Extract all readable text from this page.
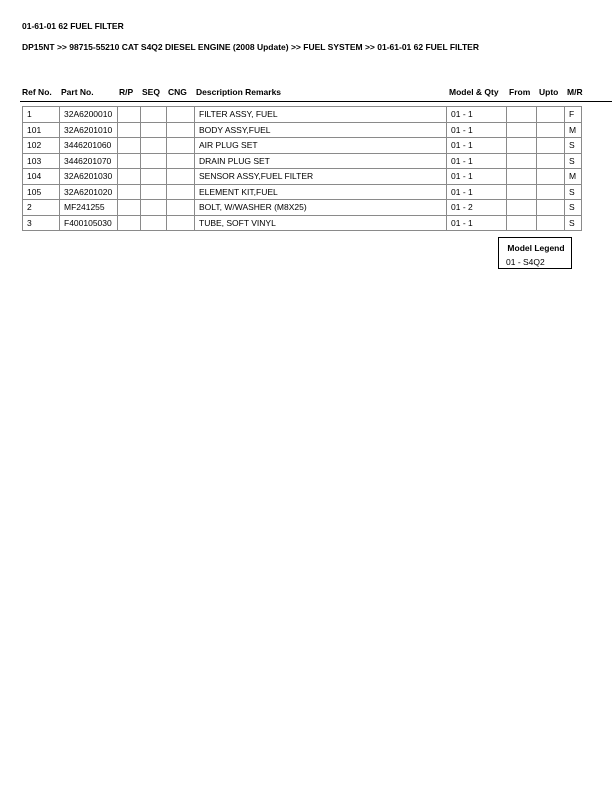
01-61-01 62 FUEL FILTER
DP15NT >> 98715-55210 CAT S4Q2 DIESEL ENGINE (2008 Update) >> FUEL SYSTEM >> 01-61-01 62 FUEL FILTER
Ref No. Part No.	R/P SEQ CNG Description Remarks	Model & Qty From Upto M/R
1	32A6200010				FILTER ASSY, FUEL	01 - 1			F
101	32A6201010				BODY ASSY,FUEL	01 - 1			M
102	3446201060				AIR PLUG SET	01 - 1			S
103	3446201070				DRAIN PLUG SET	01 - 1			S
104	32A6201030				SENSOR ASSY,FUEL FILTER	01 - 1			M
105	32A6201020				ELEMENT KIT,FUEL	01 - 1			S
2	MF241255				BOLT, W/WASHER (M8X25)	01 - 2			S
3	F400105030				TUBE, SOFT VINYL	01 - 1			S
Model Legend
01 - S4Q2
